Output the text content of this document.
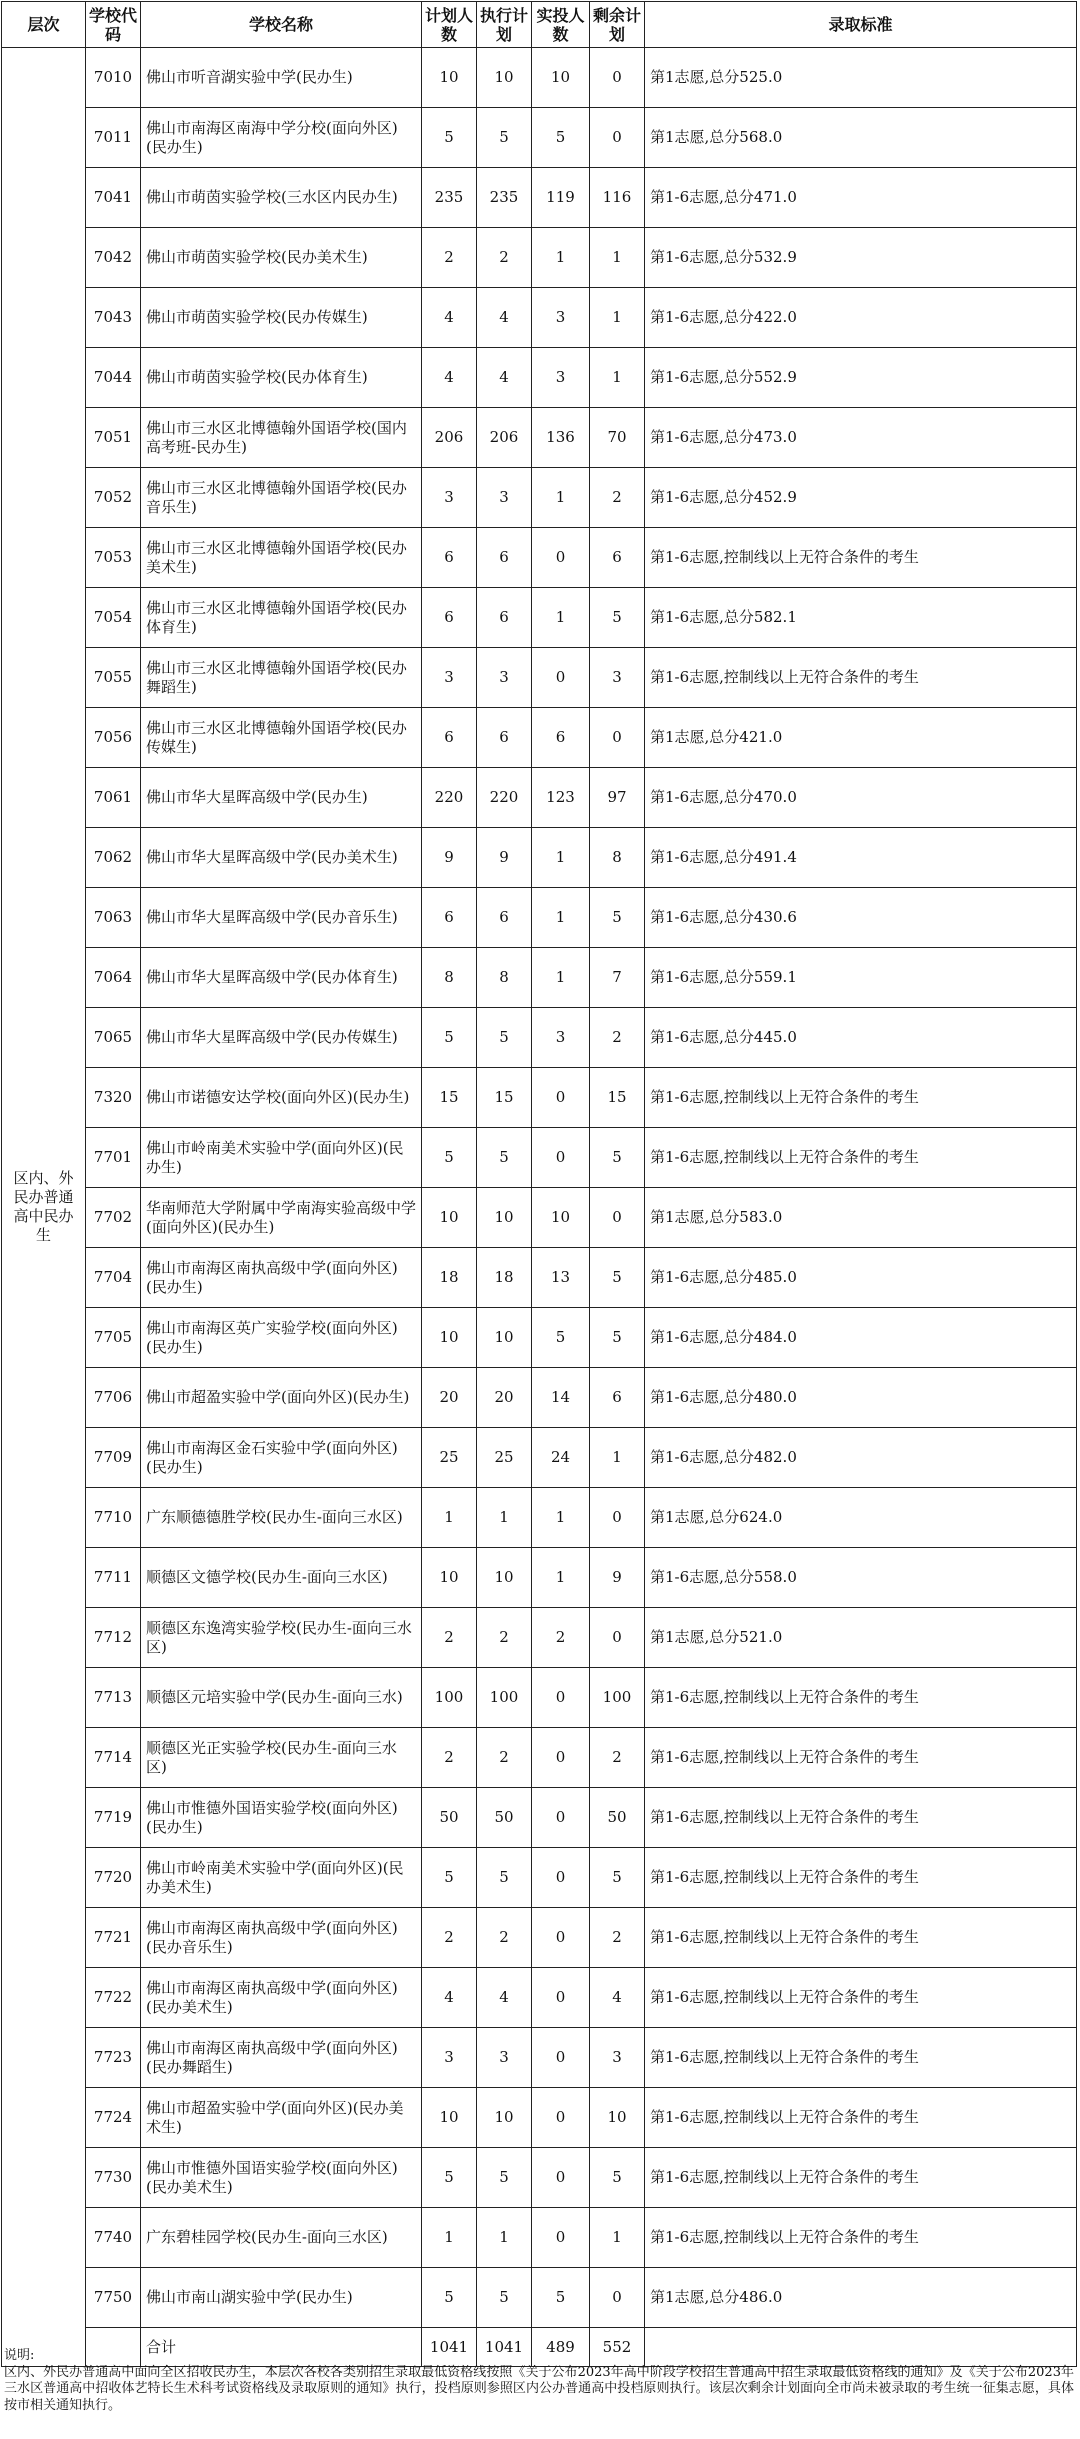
层次	学校代码	学校名称	计划人数	执行计划	实投人数	剩余计划	录取标准
区内、外民办普通高中民办生	7010	佛山市听音湖实验中学(民办生)	10	10	10	0	第1志愿,总分525.0
	7011	佛山市南海区南海中学分校(面向外区)(民办生)	5	5	5	0	第1志愿,总分568.0
	7041	佛山市萌茵实验学校(三水区内民办生)	235	235	119	116	第1-6志愿,总分471.0
	7042	佛山市萌茵实验学校(民办美术生)	2	2	1	1	第1-6志愿,总分532.9
	7043	佛山市萌茵实验学校(民办传媒生)	4	4	3	1	第1-6志愿,总分422.0
	7044	佛山市萌茵实验学校(民办体育生)	4	4	3	1	第1-6志愿,总分552.9
	7051	佛山市三水区北博德翰外国语学校(国内高考班-民办生)	206	206	136	70	第1-6志愿,总分473.0
	7052	佛山市三水区北博德翰外国语学校(民办音乐生)	3	3	1	2	第1-6志愿,总分452.9
	7053	佛山市三水区北博德翰外国语学校(民办美术生)	6	6	0	6	第1-6志愿,控制线以上无符合条件的考生
	7054	佛山市三水区北博德翰外国语学校(民办体育生)	6	6	1	5	第1-6志愿,总分582.1
	7055	佛山市三水区北博德翰外国语学校(民办舞蹈生)	3	3	0	3	第1-6志愿,控制线以上无符合条件的考生
	7056	佛山市三水区北博德翰外国语学校(民办传媒生)	6	6	6	0	第1志愿,总分421.0
	7061	佛山市华大星晖高级中学(民办生)	220	220	123	97	第1-6志愿,总分470.0
	7062	佛山市华大星晖高级中学(民办美术生)	9	9	1	8	第1-6志愿,总分491.4
	7063	佛山市华大星晖高级中学(民办音乐生)	6	6	1	5	第1-6志愿,总分430.6
	7064	佛山市华大星晖高级中学(民办体育生)	8	8	1	7	第1-6志愿,总分559.1
	7065	佛山市华大星晖高级中学(民办传媒生)	5	5	3	2	第1-6志愿,总分445.0
	7320	佛山市诺德安达学校(面向外区)(民办生)	15	15	0	15	第1-6志愿,控制线以上无符合条件的考生
	7701	佛山市岭南美术实验中学(面向外区)(民办生)	5	5	0	5	第1-6志愿,控制线以上无符合条件的考生
	7702	华南师范大学附属中学南海实验高级中学(面向外区)(民办生)	10	10	10	0	第1志愿,总分583.0
	7704	佛山市南海区南执高级中学(面向外区)(民办生)	18	18	13	5	第1-6志愿,总分485.0
	7705	佛山市南海区英广实验学校(面向外区)(民办生)	10	10	5	5	第1-6志愿,总分484.0
	7706	佛山市超盈实验中学(面向外区)(民办生)	20	20	14	6	第1-6志愿,总分480.0
	7709	佛山市南海区金石实验中学(面向外区)(民办生)	25	25	24	1	第1-6志愿,总分482.0
	7710	广东顺德德胜学校(民办生-面向三水区)	1	1	1	0	第1志愿,总分624.0
	7711	顺德区文德学校(民办生-面向三水区)	10	10	1	9	第1-6志愿,总分558.0
	7712	顺德区东逸湾实验学校(民办生-面向三水区)	2	2	2	0	第1志愿,总分521.0
	7713	顺德区元培实验中学(民办生-面向三水)	100	100	0	100	第1-6志愿,控制线以上无符合条件的考生
	7714	顺德区光正实验学校(民办生-面向三水区)	2	2	0	2	第1-6志愿,控制线以上无符合条件的考生
	7719	佛山市惟德外国语实验学校(面向外区)(民办生)	50	50	0	50	第1-6志愿,控制线以上无符合条件的考生
	7720	佛山市岭南美术实验中学(面向外区)(民办美术生)	5	5	0	5	第1-6志愿,控制线以上无符合条件的考生
	7721	佛山市南海区南执高级中学(面向外区)(民办音乐生)	2	2	0	2	第1-6志愿,控制线以上无符合条件的考生
	7722	佛山市南海区南执高级中学(面向外区)(民办美术生)	4	4	0	4	第1-6志愿,控制线以上无符合条件的考生
	7723	佛山市南海区南执高级中学(面向外区)(民办舞蹈生)	3	3	0	3	第1-6志愿,控制线以上无符合条件的考生
	7724	佛山市超盈实验中学(面向外区)(民办美术生)	10	10	0	10	第1-6志愿,控制线以上无符合条件的考生
	7730	佛山市惟德外国语实验学校(面向外区)(民办美术生)	5	5	0	5	第1-6志愿,控制线以上无符合条件的考生
	7740	广东碧桂园学校(民办生-面向三水区)	1	1	0	1	第1-6志愿,控制线以上无符合条件的考生
	7750	佛山市南山湖实验中学(民办生)	5	5	5	0	第1志愿,总分486.0
		合计	1041	1041	489	552	

说明:

区内、外民办普通高中面向全区招收民办生，本层次各校各类别招生录取最低资格线按照《关于公布2023年高中阶段学校招生普通高中招生录取最低资格线的通知》及《关于公布2023年三水区普通高中招收体艺特长生术科考试资格线及录取原则的通知》执行，投档原则参照区内公办普通高中投档原则执行。该层次剩余计划面向全市尚未被录取的考生统一征集志愿，具体按市相关通知执行。
